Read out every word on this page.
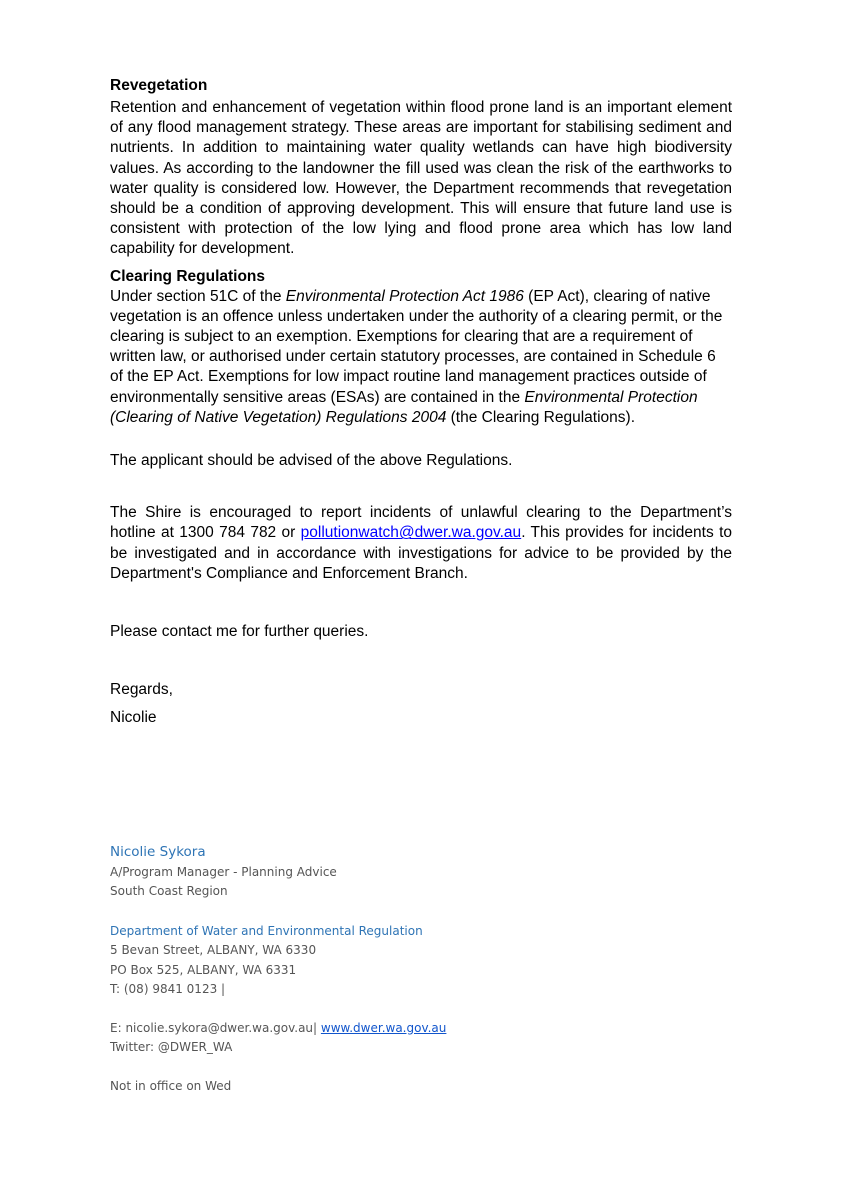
Revegetation

Retention and enhancement of vegetation within flood prone land is an important element of any flood management strategy. These areas are important for stabilising sediment and nutrients. In addition to maintaining water quality wetlands can have high biodiversity values. As according to the landowner the fill used was clean the risk of the earthworks to water quality is considered low. However, the Department recommends that revegetation should be a condition of approving development. This will ensure that future land use is consistent with protection of the low lying and flood prone area which has low land capability for development.

Clearing Regulations

Under section 51C of the Environmental Protection Act 1986 (EP Act), clearing of native vegetation is an offence unless undertaken under the authority of a clearing permit, or the clearing is subject to an exemption. Exemptions for clearing that are a requirement of written law, or authorised under certain statutory processes, are contained in Schedule 6 of the EP Act. Exemptions for low impact routine land management practices outside of environmentally sensitive areas (ESAs) are contained in the Environmental Protection (Clearing of Native Vegetation) Regulations 2004 (the Clearing Regulations).

The applicant should be advised of the above Regulations.

The Shire is encouraged to report incidents of unlawful clearing to the Department’s hotline at 1300 784 782 or pollutionwatch@dwer.wa.gov.au. This provides for incidents to be investigated and in accordance with investigations for advice to be provided by the Department's Compliance and Enforcement Branch.

Please contact me for further queries.

Regards,

Nicolie

Nicolie Sykora
A/Program Manager - Planning Advice
South Coast Region
Department of Water and Environmental Regulation
5 Bevan Street, ALBANY, WA 6330
PO Box 525, ALBANY, WA 6331
T: (08) 9841 0123 |
E: nicolie.sykora@dwer.wa.gov.au| www.dwer.wa.gov.au
Twitter: @DWER_WA
Not in office on Wed
